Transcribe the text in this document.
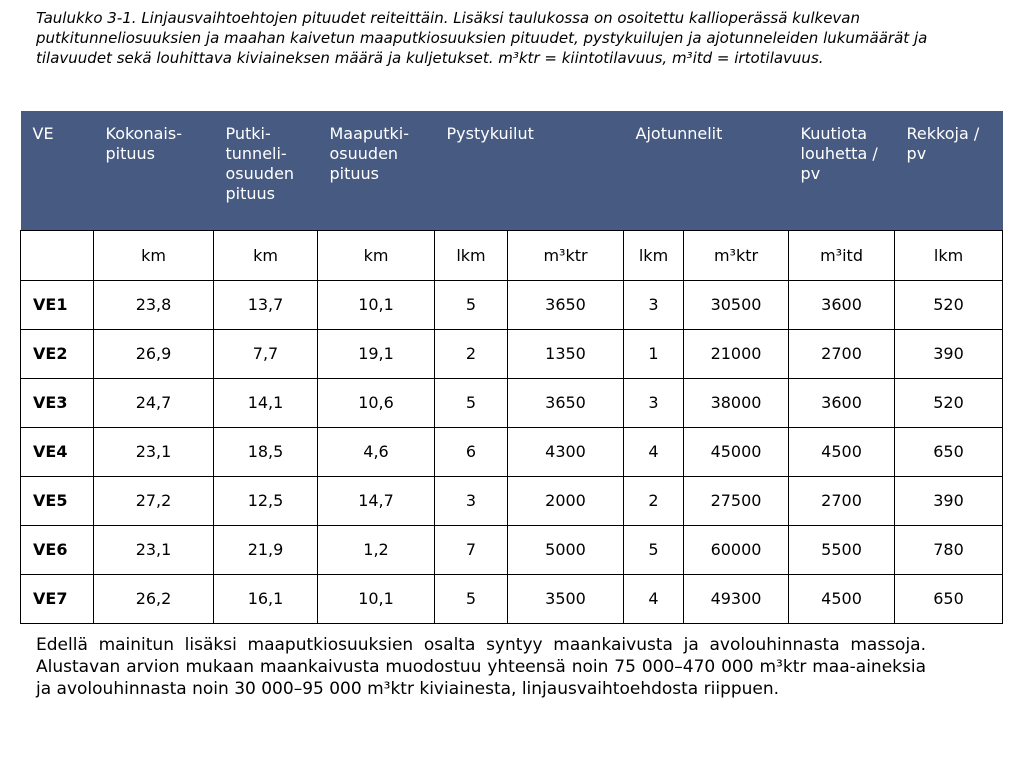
Taulukko 3-1. Linjausvaihtoehtojen pituudet reiteittäin. Lisäksi taulukossa on osoitettu kallioperässä kulkevan putkitunneliosuuksien ja maahan kaivetun maaputkiosuuksien pituudet, pystykuilujen ja ajotunneleiden lukumäärät ja tilavuudet sekä louhittava kiviaineksen määrä ja kuljetukset. m³ktr = kiintotilavuus, m³itd = irtotilavuus.

VE	Kokonais- pituus	Putki- tunneli- osuuden pituus	Maaputki- osuuden pituus	Pystykuilut		Ajotunnelit		Kuutiota louhetta / pv	Rekkoja / pv
	km	km	km	lkm	m³ktr	lkm	m³ktr	m³itd	lkm
VE1	23,8	13,7	10,1	5	3650	3	30500	3600	520
VE2	26,9	7,7	19,1	2	1350	1	21000	2700	390
VE3	24,7	14,1	10,6	5	3650	3	38000	3600	520
VE4	23,1	18,5	4,6	6	4300	4	45000	4500	650
VE5	27,2	12,5	14,7	3	2000	2	27500	2700	390
VE6	23,1	21,9	1,2	7	5000	5	60000	5500	780
VE7	26,2	16,1	10,1	5	3500	4	49300	4500	650

Edellä mainitun lisäksi maaputkiosuuksien osalta syntyy maankaivusta ja avolouhinnasta massoja. Alustavan arvion mukaan maankaivusta muodostuu yhteensä noin 75 000–470 000 m³ktr maa-aineksia ja avolouhinnasta noin 30 000–95 000 m³ktr kiviainesta, linjausvaihtoehdosta riippuen.
